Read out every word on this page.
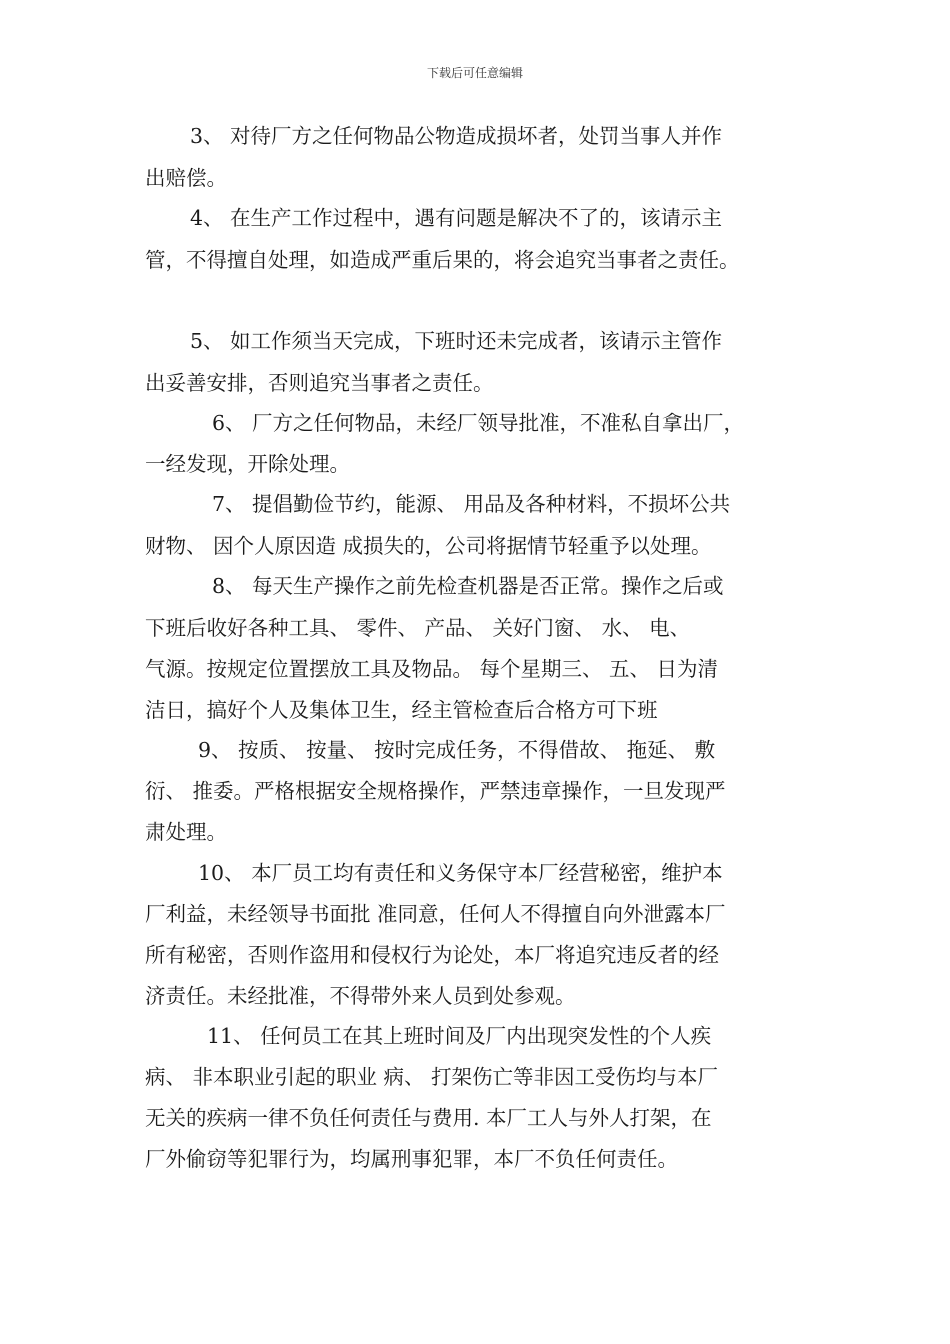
下载后可任意编辑
3、 对待厂方之任何物品公物造成损坏者，处罚当事人并作
出赔偿。
4、 在生产工作过程中，遇有问题是解决不了的，该请示主
管，不得擅自处理，如造成严重后果的，将会追究当事者之责任。
5、 如工作须当天完成，下班时还未完成者，该请示主管作
出妥善安排，否则追究当事者之责任。
6、 厂方之任何物品，未经厂领导批准，不准私自拿出厂，
一经发现，开除处理。
7、 提倡勤俭节约，能源、 用品及各种材料，不损坏公共
财物、 因个人原因造 成损失的，公司将据情节轻重予以处理。
8、 每天生产操作之前先检查机器是否正常。操作之后或
下班后收好各种工具、 零件、 产品、 关好门窗、 水、 电、
气源。按规定位置摆放工具及物品。 每个星期三、 五、 日为清
洁日，搞好个人及集体卫生，经主管检查后合格方可下班
9、 按质、 按量、 按时完成任务，不得借故、 拖延、 敷
衍、 推委。严格根据安全规格操作，严禁违章操作，一旦发现严
肃处理。
10、 本厂员工均有责任和义务保守本厂经营秘密，维护本
厂利益，未经领导书面批 准同意，任何人不得擅自向外泄露本厂
所有秘密，否则作盗用和侵权行为论处，本厂将追究违反者的经
济责任。未经批准，不得带外来人员到处参观。
11、 任何员工在其上班时间及厂内出现突发性的个人疾
病、 非本职业引起的职业 病、 打架伤亡等非因工受伤均与本厂
无关的疾病一律不负任何责任与费用. 本厂工人与外人打架，在
厂外偷窃等犯罪行为，均属刑事犯罪，本厂不负任何责任。
